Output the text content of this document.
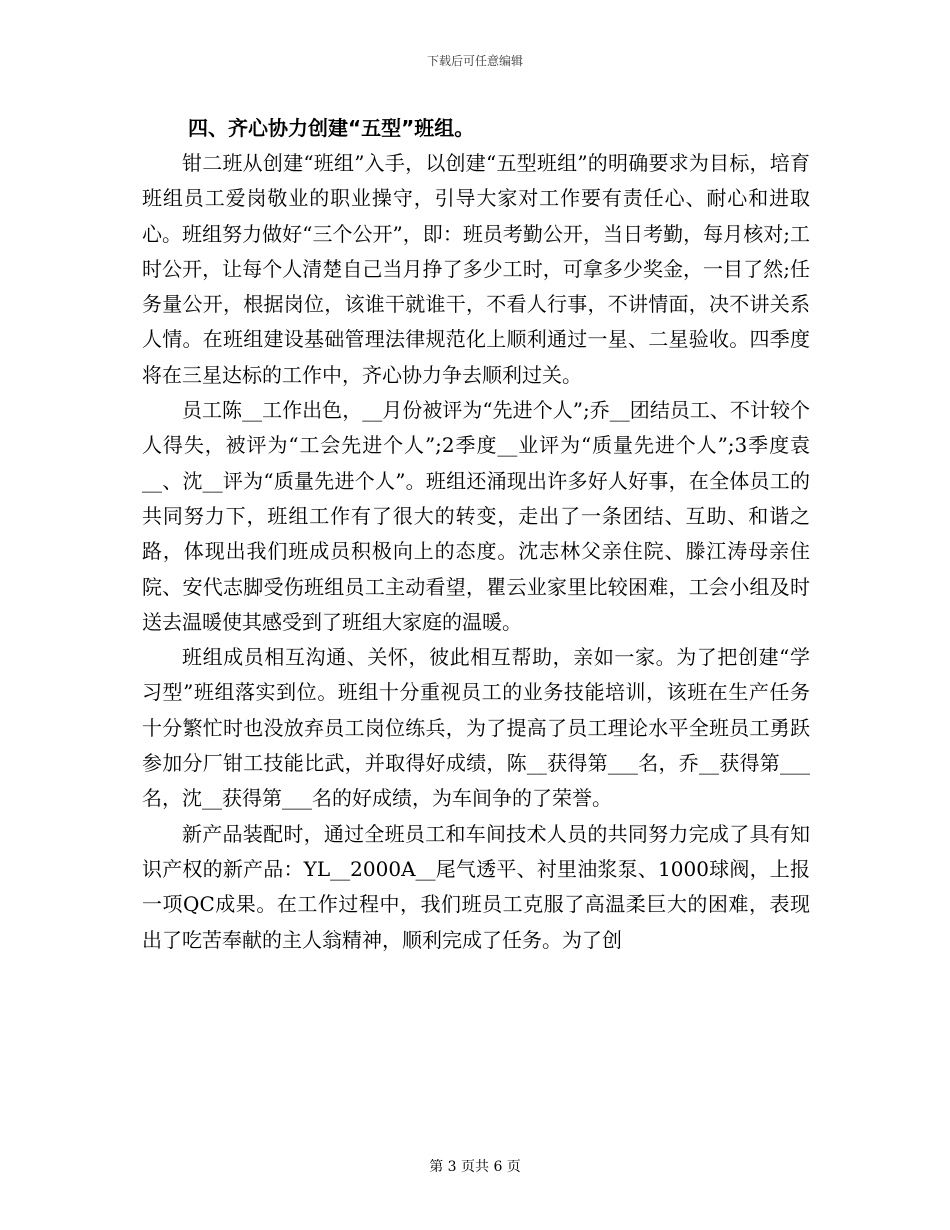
下载后可任意编辑

四、齐心协力创建“五型”班组。

钳二班从创建“班组”入手，以创建“五型班组”的明确要求为目标，培育班组员工爱岗敬业的职业操守，引导大家对工作要有责任心、耐心和进取心。班组努力做好“三个公开”，即：班员考勤公开，当日考勤，每月核对;工时公开，让每个人清楚自己当月挣了多少工时，可拿多少奖金，一目了然;任务量公开，根据岗位，该谁干就谁干，不看人行事，不讲情面，决不讲关系人情。在班组建设基础管理法律规范化上顺利通过一星、二星验收。四季度将在三星达标的工作中，齐心协力争去顺利过关。

员工陈__工作出色，__月份被评为“先进个人”;乔__团结员工、不计较个人得失，被评为“工会先进个人”;2季度__业评为“质量先进个人”;3季度袁__、沈__评为“质量先进个人”。班组还涌现出许多好人好事，在全体员工的共同努力下，班组工作有了很大的转变，走出了一条团结、互助、和谐之路，体现出我们班成员积极向上的态度。沈志林父亲住院、滕江涛母亲住院、安代志脚受伤班组员工主动看望，瞿云业家里比较困难，工会小组及时送去温暖使其感受到了班组大家庭的温暖。

班组成员相互沟通、关怀，彼此相互帮助，亲如一家。为了把创建“学习型”班组落实到位。班组十分重视员工的业务技能培训，该班在生产任务十分繁忙时也没放弃员工岗位练兵，为了提高了员工理论水平全班员工勇跃参加分厂钳工技能比武，并取得好成绩，陈__获得第___名，乔__获得第___名，沈__获得第___名的好成绩，为车间争的了荣誉。

新产品装配时，通过全班员工和车间技术人员的共同努力完成了具有知识产权的新产品：YL__2000A__尾气透平、衬里油浆泵、1000球阀，上报一项QC成果。在工作过程中，我们班员工克服了高温柔巨大的困难，表现出了吃苦奉献的主人翁精神，顺利完成了任务。为了创

第 3 页共 6 页
